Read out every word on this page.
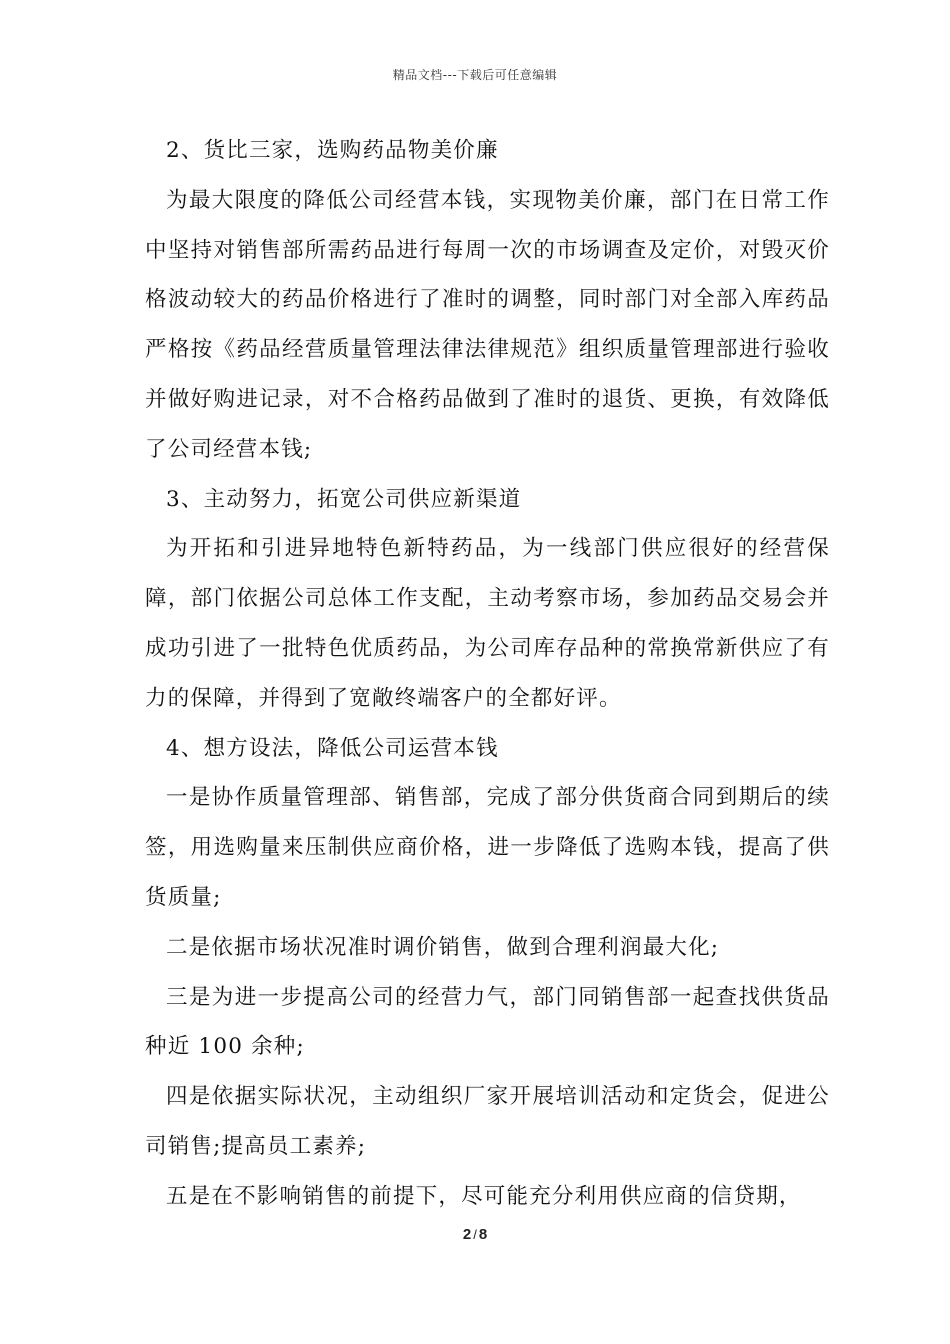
精品文档---下载后可任意编辑

2、货比三家，选购药品物美价廉

为最大限度的降低公司经营本钱，实现物美价廉，部门在日常工作中坚持对销售部所需药品进行每周一次的市场调查及定价，对毁灭价格波动较大的药品价格进行了准时的调整，同时部门对全部入库药品严格按《药品经营质量管理法律法律规范》组织质量管理部进行验收并做好购进记录，对不合格药品做到了准时的退货、更换，有效降低了公司经营本钱;

3、主动努力，拓宽公司供应新渠道

为开拓和引进异地特色新特药品，为一线部门供应很好的经营保障，部门依据公司总体工作支配，主动考察市场，参加药品交易会并成功引进了一批特色优质药品，为公司库存品种的常换常新供应了有力的保障，并得到了宽敞终端客户的全都好评。

4、想方设法，降低公司运营本钱

一是协作质量管理部、销售部，完成了部分供货商合同到期后的续签，用选购量来压制供应商价格，进一步降低了选购本钱，提高了供货质量;

二是依据市场状况准时调价销售，做到合理利润最大化;

三是为进一步提高公司的经营力气，部门同销售部一起查找供货品种近 100 余种;

四是依据实际状况，主动组织厂家开展培训活动和定货会，促进公司销售;提高员工素养;

五是在不影响销售的前提下，尽可能充分利用供应商的信贷期，

2 / 8
